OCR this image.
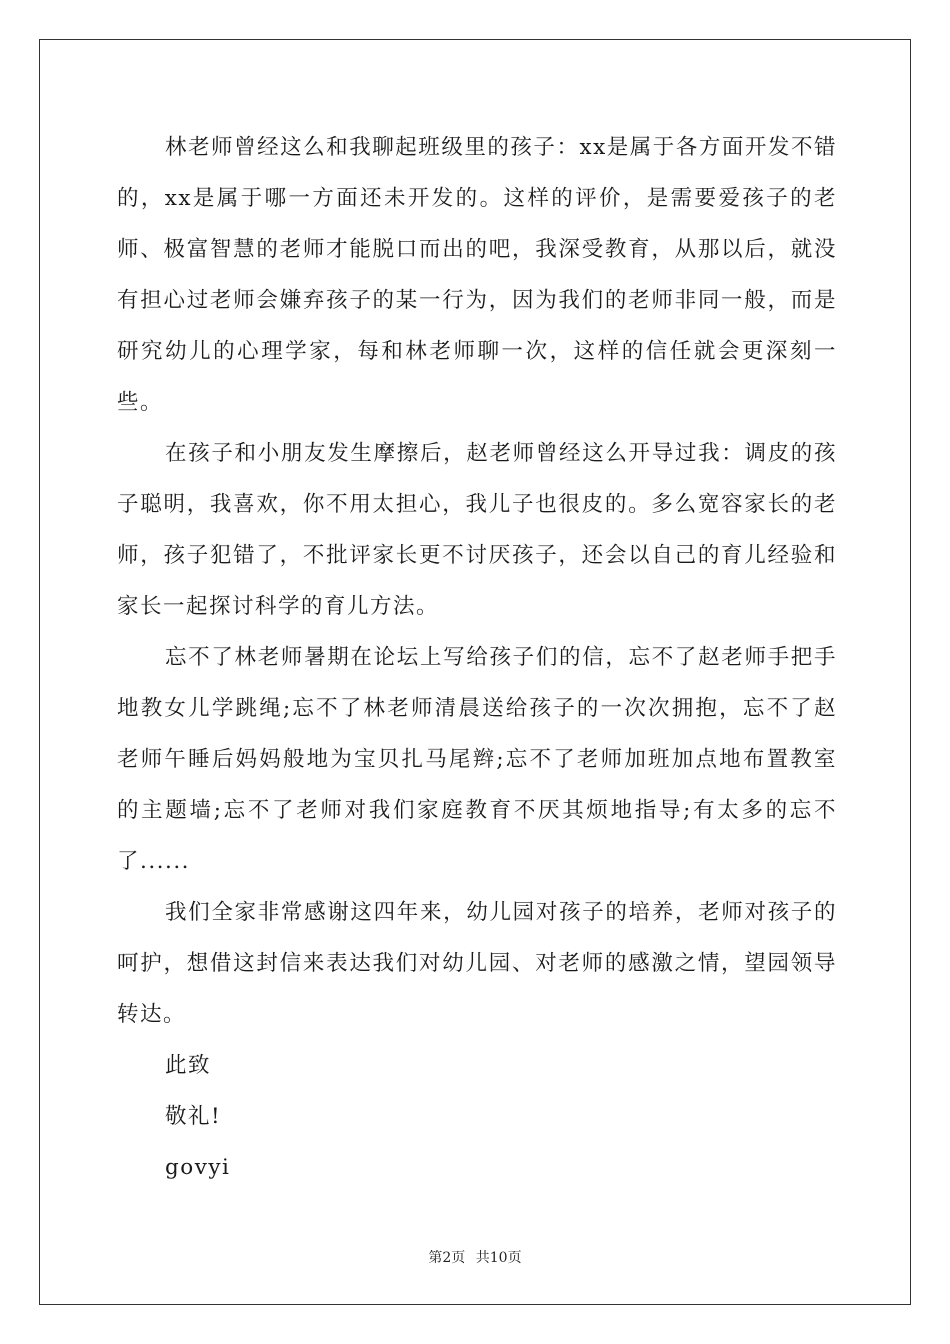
林老师曾经这么和我聊起班级里的孩子：xx是属于各方面开发不错的，xx是属于哪一方面还未开发的。这样的评价，是需要爱孩子的老师、极富智慧的老师才能脱口而出的吧，我深受教育，从那以后，就没有担心过老师会嫌弃孩子的某一行为，因为我们的老师非同一般，而是研究幼儿的心理学家，每和林老师聊一次，这样的信任就会更深刻一些。

在孩子和小朋友发生摩擦后，赵老师曾经这么开导过我：调皮的孩子聪明，我喜欢，你不用太担心，我儿子也很皮的。多么宽容家长的老师，孩子犯错了，不批评家长更不讨厌孩子，还会以自己的育儿经验和家长一起探讨科学的育儿方法。

忘不了林老师暑期在论坛上写给孩子们的信，忘不了赵老师手把手地教女儿学跳绳;忘不了林老师清晨送给孩子的一次次拥抱，忘不了赵老师午睡后妈妈般地为宝贝扎马尾辫;忘不了老师加班加点地布置教室的主题墙;忘不了老师对我们家庭教育不厌其烦地指导;有太多的忘不了......

我们全家非常感谢这四年来，幼儿园对孩子的培养，老师对孩子的呵护，想借这封信来表达我们对幼儿园、对老师的感激之情，望园领导转达。

此致

敬礼!

govyi

第2页 共10页
